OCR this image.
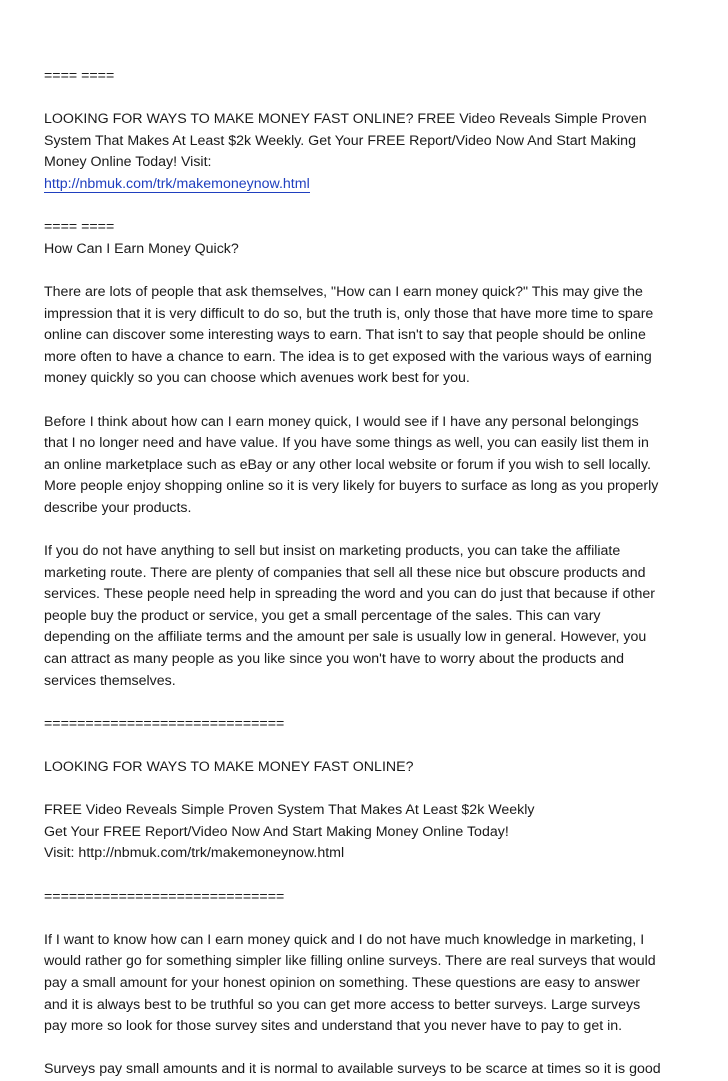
==== ====

LOOKING FOR WAYS TO MAKE MONEY FAST ONLINE? FREE Video Reveals Simple Proven
System That Makes At Least $2k Weekly. Get Your FREE Report/Video Now And Start Making
Money Online Today! Visit:
http://nbmuk.com/trk/makemoneynow.html

==== ====
How Can I Earn Money Quick?

There are lots of people that ask themselves, "How can I earn money quick?" This may give the
impression that it is very difficult to do so, but the truth is, only those that have more time to spare
online can discover some interesting ways to earn. That isn't to say that people should be online
more often to have a chance to earn. The idea is to get exposed with the various ways of earning
money quickly so you can choose which avenues work best for you.

Before I think about how can I earn money quick, I would see if I have any personal belongings
that I no longer need and have value. If you have some things as well, you can easily list them in
an online marketplace such as eBay or any other local website or forum if you wish to sell locally.
More people enjoy shopping online so it is very likely for buyers to surface as long as you properly
describe your products.

If you do not have anything to sell but insist on marketing products, you can take the affiliate
marketing route. There are plenty of companies that sell all these nice but obscure products and
services. These people need help in spreading the word and you can do just that because if other
people buy the product or service, you get a small percentage of the sales. This can vary
depending on the affiliate terms and the amount per sale is usually low in general. However, you
can attract as many people as you like since you won't have to worry about the products and
services themselves.

=============================

LOOKING FOR WAYS TO MAKE MONEY FAST ONLINE?

FREE Video Reveals Simple Proven System That Makes At Least $2k Weekly
Get Your FREE Report/Video Now And Start Making Money Online Today!
Visit: http://nbmuk.com/trk/makemoneynow.html

=============================

If I want to know how can I earn money quick and I do not have much knowledge in marketing, I
would rather go for something simpler like filling online surveys. There are real surveys that would
pay a small amount for your honest opinion on something. These questions are easy to answer
and it is always best to be truthful so you can get more access to better surveys. Large surveys
pay more so look for those survey sites and understand that you never have to pay to get in.

Surveys pay small amounts and it is normal to available surveys to be scarce at times so it is good
